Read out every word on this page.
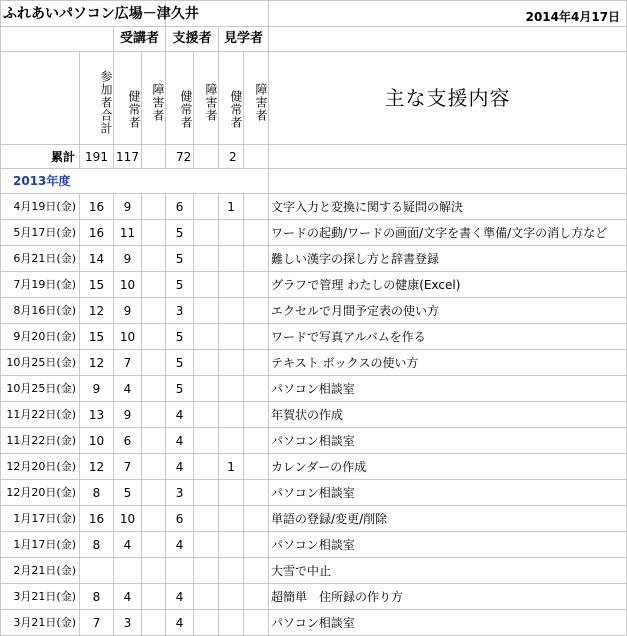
ふれあいパソコン広場－津久井								2014年4月17日
		受講者		支援者		見学者		

参加者合計	健常者	障害者	健常者	障害者	健常者	障害者	主な支援内容
累計	191	117		72		2		
2013年度								
4月19日(金)	16	9		6		1		文字入力と変換に関する疑問の解決
5月17日(金)	16	11		5				ワードの起動/ワードの画面/文字を書く準備/文字の消し方など
6月21日(金)	14	9		5				難しい漢字の探し方と辞書登録
7月19日(金)	15	10		5				グラフで管理 わたしの健康(Excel)
8月16日(金)	12	9		3				エクセルで月間予定表の使い方
9月20日(金)	15	10		5				ワードで写真アルバムを作る
10月25日(金)	12	7		5				テキスト ボックスの使い方
10月25日(金)	9	4		5				パソコン相談室
11月22日(金)	13	9		4				年賀状の作成
11月22日(金)	10	6		4				パソコン相談室
12月20日(金)	12	7		4		1		カレンダーの作成
12月20日(金)	8	5		3				パソコン相談室
1月17日(金)	16	10		6				単語の登録/変更/削除
1月17日(金)	8	4		4				パソコン相談室
2月21日(金)								大雪で中止
3月21日(金)	8	4		4				超簡単　住所録の作り方
3月21日(金)	7	3		4				パソコン相談室
